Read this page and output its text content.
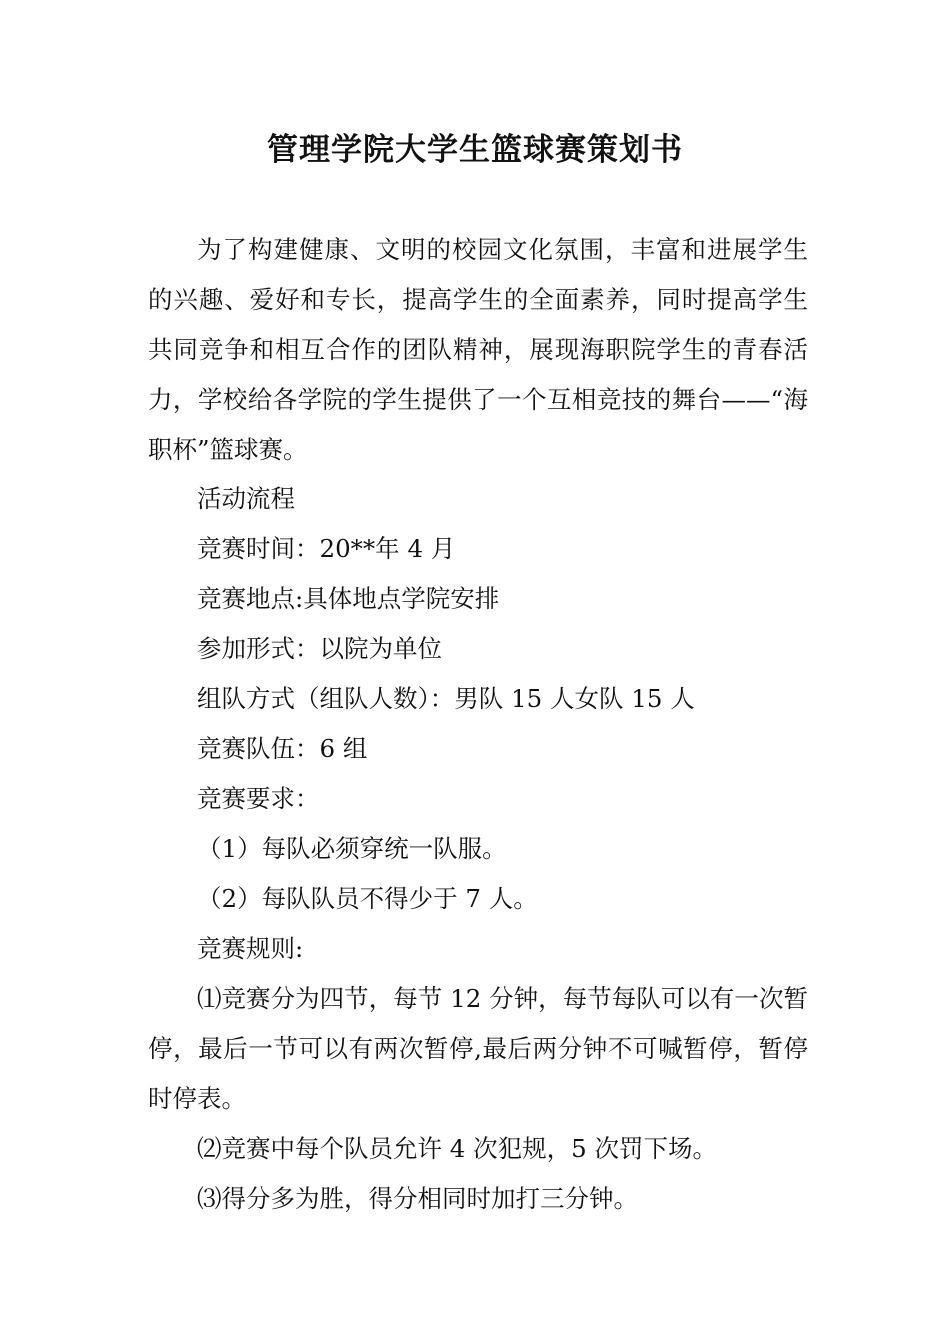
管理学院大学生篮球赛策划书

为了构建健康、文明的校园文化氛围，丰富和进展学生的兴趣、爱好和专长，提高学生的全面素养，同时提高学生共同竞争和相互合作的团队精神，展现海职院学生的青春活力，学校给各学院的学生提供了一个互相竞技的舞台——“海职杯”篮球赛。

活动流程

竞赛时间：20**年 4 月

竞赛地点:具体地点学院安排

参加形式：以院为单位

组队方式（组队人数）：男队 15 人女队 15 人

竞赛队伍：6 组

竞赛要求：

（1）每队必须穿统一队服。

（2）每队队员不得少于 7 人。

竞赛规则:

⑴竞赛分为四节，每节 12 分钟，每节每队可以有一次暂停，最后一节可以有两次暂停,最后两分钟不可喊暂停，暂停时停表。

⑵竞赛中每个队员允许 4 次犯规，5 次罚下场。

⑶得分多为胜，得分相同时加打三分钟。
